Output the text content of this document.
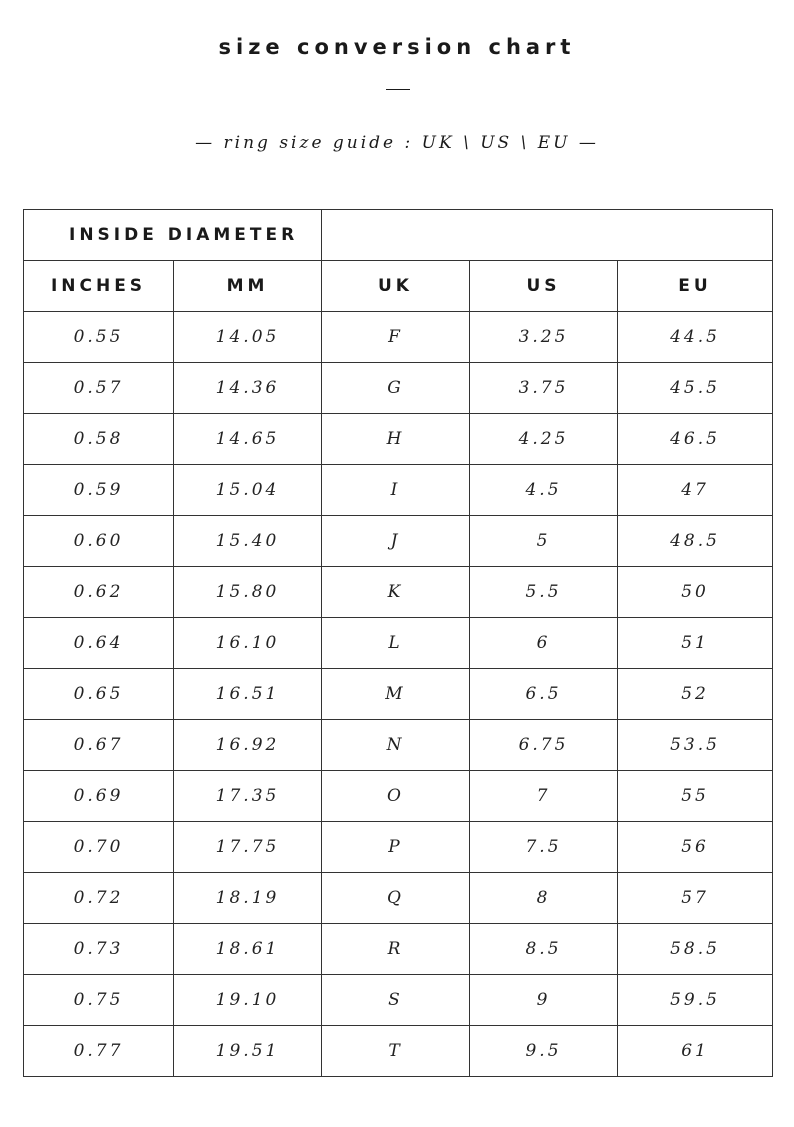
size conversion chart

— ring size guide : UK \ US \ EU —

INSIDE DIAMETER				
INCHES	MM	UK	US	EU
0.55	14.05	F	3.25	44.5
0.57	14.36	G	3.75	45.5
0.58	14.65	H	4.25	46.5
0.59	15.04	I	4.5	47
0.60	15.40	J	5	48.5
0.62	15.80	K	5.5	50
0.64	16.10	L	6	51
0.65	16.51	M	6.5	52
0.67	16.92	N	6.75	53.5
0.69	17.35	O	7	55
0.70	17.75	P	7.5	56
0.72	18.19	Q	8	57
0.73	18.61	R	8.5	58.5
0.75	19.10	S	9	59.5
0.77	19.51	T	9.5	61
